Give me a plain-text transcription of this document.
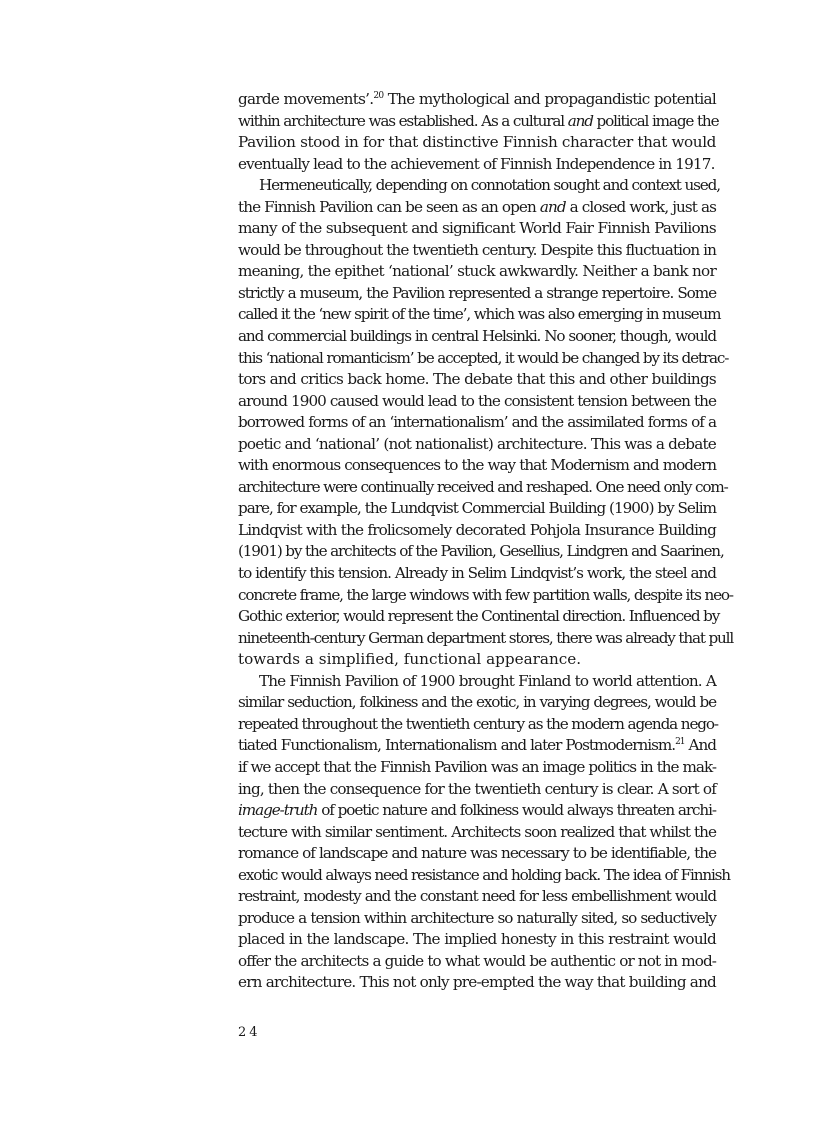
garde movements’.$^{20}$ The mythological and propagandistic potential
within architecture was established. As a cultural and political image the
Pavilion stood in for that distinctive Finnish character that would
eventually lead to the achievement of Finnish Independence in 1917.
Hermeneutically, depending on connotation sought and context used,
the Finnish Pavilion can be seen as an open and a closed work, just as
many of the subsequent and significant World Fair Finnish Pavilions
would be throughout the twentieth century. Despite this fluctuation in
meaning, the epithet ‘national’ stuck awkwardly. Neither a bank nor
strictly a museum, the Pavilion represented a strange repertoire. Some
called it the ‘new spirit of the time’, which was also emerging in museum
and commercial buildings in central Helsinki. No sooner, though, would
this ‘national romanticism’ be accepted, it would be changed by its detrac-
tors and critics back home. The debate that this and other buildings
around 1900 caused would lead to the consistent tension between the
borrowed forms of an ‘internationalism’ and the assimilated forms of a
poetic and ‘national’ (not nationalist) architecture. This was a debate
with enormous consequences to the way that Modernism and modern
architecture were continually received and reshaped. One need only com-
pare, for example, the Lundqvist Commercial Building (1900) by Selim
Lindqvist with the frolicsomely decorated Pohjola Insurance Building
(1901) by the architects of the Pavilion, Gesellius, Lindgren and Saarinen,
to identify this tension. Already in Selim Lindqvist’s work, the steel and
concrete frame, the large windows with few partition walls, despite its neo-
Gothic exterior, would represent the Continental direction. Influenced by
nineteenth-century German department stores, there was already that pull
towards a simplified, functional appearance.
The Finnish Pavilion of 1900 brought Finland to world attention. A
similar seduction, folkiness and the exotic, in varying degrees, would be
repeated throughout the twentieth century as the modern agenda nego-
tiated Functionalism, Internationalism and later Postmodernism.$^{21}$ And
if we accept that the Finnish Pavilion was an image politics in the mak-
ing, then the consequence for the twentieth century is clear. A sort of
image-truth of poetic nature and folkiness would always threaten archi-
tecture with similar sentiment. Architects soon realized that whilst the
romance of landscape and nature was necessary to be identifiable, the
exotic would always need resistance and holding back. The idea of Finnish
restraint, modesty and the constant need for less embellishment would
produce a tension within architecture so naturally sited, so seductively
placed in the landscape. The implied honesty in this restraint would
offer the architects a guide to what would be authentic or not in mod-
ern architecture. This not only pre-empted the way that building and
24
